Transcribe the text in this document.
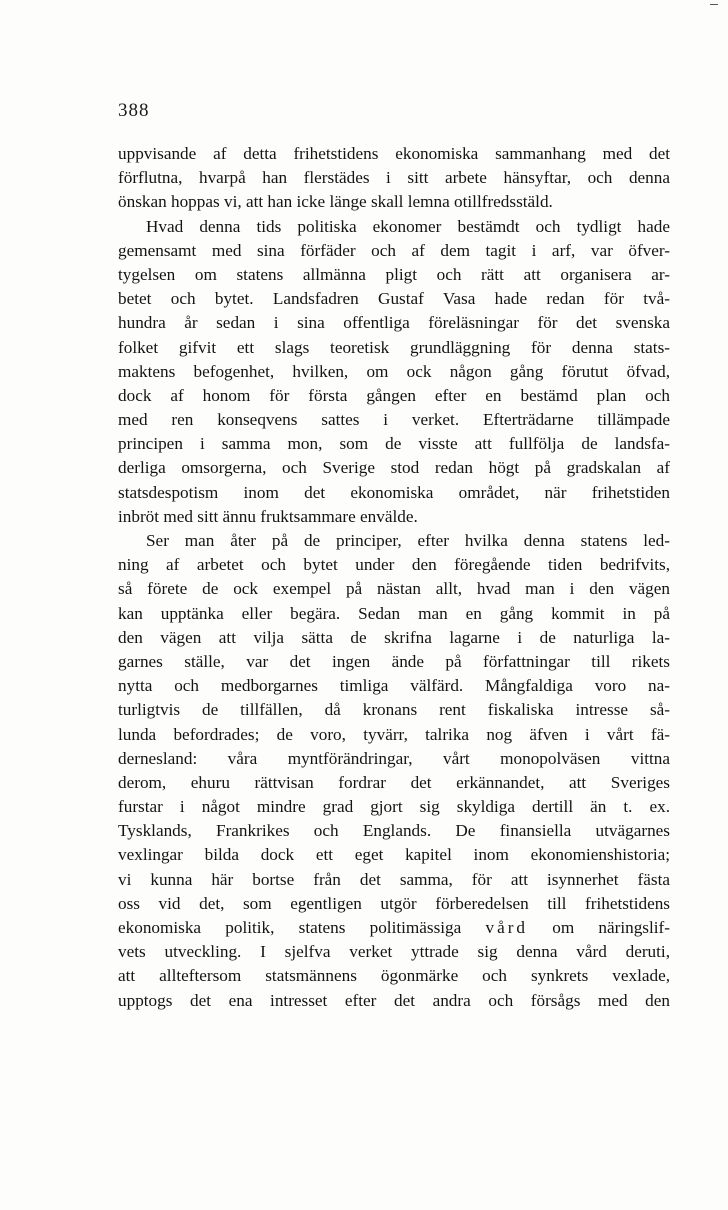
388
uppvisande af detta frihetstidens ekonomiska sammanhang med det
förflutna, hvarpå han flerstädes i sitt arbete hänsyftar, och denna
önskan hoppas vi, att han icke länge skall lemna otillfredsstäld.
Hvad denna tids politiska ekonomer bestämdt och tydligt hade
gemensamt med sina förfäder och af dem tagit i arf, var öfver-
tygelsen om statens allmänna pligt och rätt att organisera ar-
betet och bytet. Landsfadren Gustaf Vasa hade redan för två-
hundra år sedan i sina offentliga föreläsningar för det svenska
folket gifvit ett slags teoretisk grundläggning för denna stats-
maktens befogenhet, hvilken, om ock någon gång förutut öfvad,
dock af honom för första gången efter en bestämd plan och
med ren konseqvens sattes i verket. Efterträdarne tillämpade
principen i samma mon, som de visste att fullfölja de landsfa-
derliga omsorgerna, och Sverige stod redan högt på gradskalan af
statsdespotism inom det ekonomiska området, när frihetstiden
inbröt med sitt ännu fruktsammare envälde.
Ser man åter på de principer, efter hvilka denna statens led-
ning af arbetet och bytet under den föregående tiden bedrifvits,
så förete de ock exempel på nästan allt, hvad man i den vägen
kan upptänka eller begära. Sedan man en gång kommit in på
den vägen att vilja sätta de skrifna lagarne i de naturliga la-
garnes ställe, var det ingen ände på författningar till rikets
nytta och medborgarnes timliga välfärd. Mångfaldiga voro na-
turligtvis de tillfällen, då kronans rent fiskaliska intresse så-
lunda befordrades; de voro, tyvärr, talrika nog äfven i vårt fä-
dernesland: våra myntförändringar, vårt monopolväsen vittna
derom, ehuru rättvisan fordrar det erkännandet, att Sveriges
furstar i något mindre grad gjort sig skyldiga dertill än t. ex.
Tysklands, Frankrikes och Englands. De finansiella utvägarnes
vexlingar bilda dock ett eget kapitel inom ekonomienshistoria;
vi kunna här bortse från det samma, för att isynnerhet fästa
oss vid det, som egentligen utgör förberedelsen till frihetstidens
ekonomiska politik, statens politimässiga vård om näringslif-
vets utveckling. I sjelfva verket yttrade sig denna vård deruti,
att allteftersom statsmännens ögonmärke och synkrets vexlade,
upptogs det ena intresset efter det andra och försågs med den
